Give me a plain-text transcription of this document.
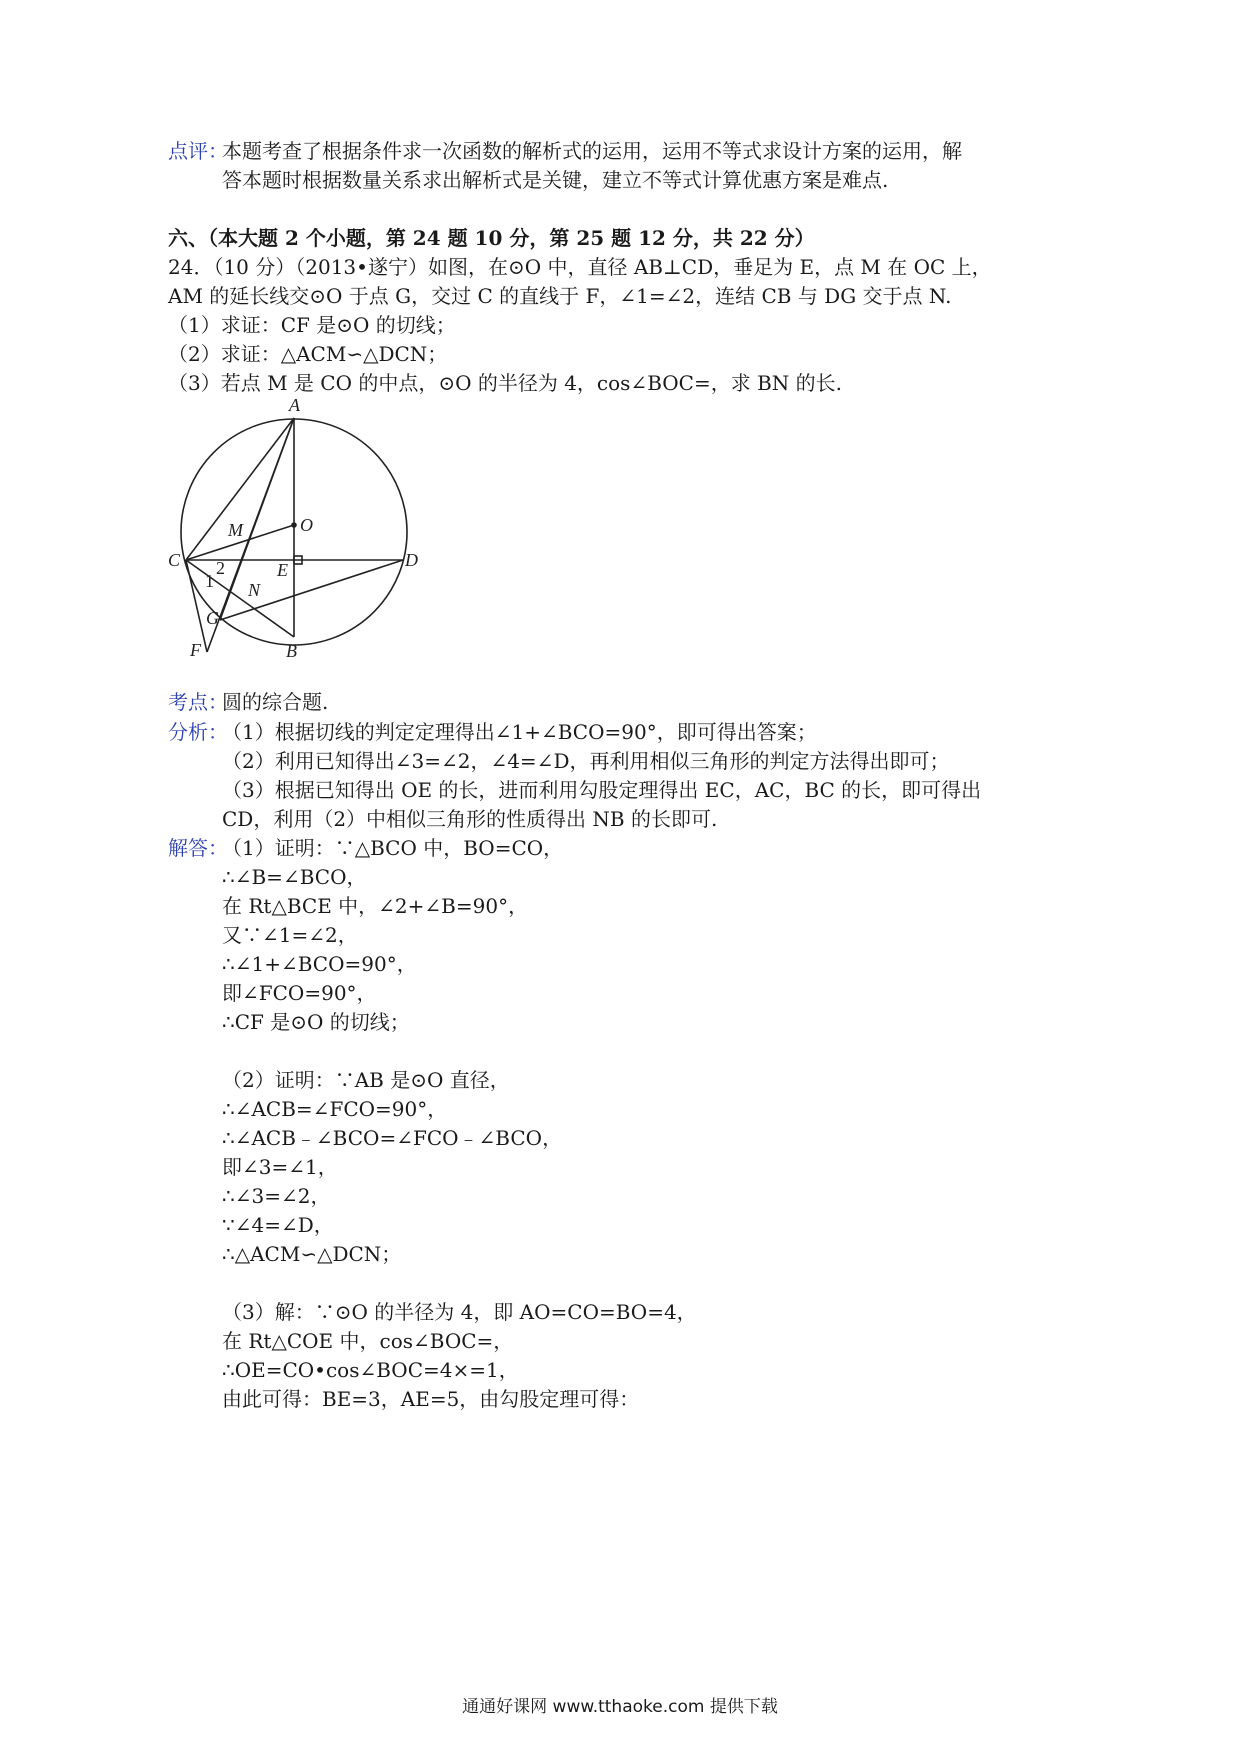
点评：
本题考查了根据条件求一次函数的解析式的运用，运用不等式求设计方案的运用，解
答本题时根据数量关系求出解析式是关键，建立不等式计算优惠方案是难点.
六、（本大题 2 个小题，第 24 题 10 分，第 25 题 12 分，共 22 分）
24．（10 分）（2013•遂宁）如图，在⊙O 中，直径 AB⊥CD，垂足为 E，点 M 在 OC 上，
AM 的延长线交⊙O 于点 G，交过 C 的直线于 F，∠1=∠2，连结 CB 与 DG 交于点 N.
（1）求证：CF 是⊙O 的切线；
（2）求证：△ACM∽△DCN；
（3）若点 M 是 CO 的中点，⊙O 的半径为 4，cos∠BOC=，求 BN 的长.
A
O
M
C	E	D
N
G
F	B
1
2
考点：
圆的综合题.
分析：
（1）根据切线的判定定理得出∠1+∠BCO=90°，即可得出答案；
（2）利用已知得出∠3=∠2，∠4=∠D，再利用相似三角形的判定方法得出即可；
（3）根据已知得出 OE 的长，进而利用勾股定理得出 EC，AC，BC 的长，即可得出
CD，利用（2）中相似三角形的性质得出 NB 的长即可.
解答：
（1）证明：∵△BCO 中，BO=CO，
∴∠B=∠BCO，
在 Rt△BCE 中，∠2+∠B=90°，
又∵∠1=∠2，
∴∠1+∠BCO=90°，
即∠FCO=90°，
∴CF 是⊙O 的切线；
（2）证明：∵AB 是⊙O 直径，
∴∠ACB=∠FCO=90°，
∴∠ACB﹣∠BCO=∠FCO﹣∠BCO，
即∠3=∠1，
∴∠3=∠2，
∵∠4=∠D，
∴△ACM∽△DCN；
（3）解：∵⊙O 的半径为 4，即 AO=CO=BO=4，
在 Rt△COE 中，cos∠BOC=，
∴OE=CO•cos∠BOC=4×=1，
由此可得：BE=3，AE=5，由勾股定理可得：
通通好课网 www.tthaoke.com 提供下载
